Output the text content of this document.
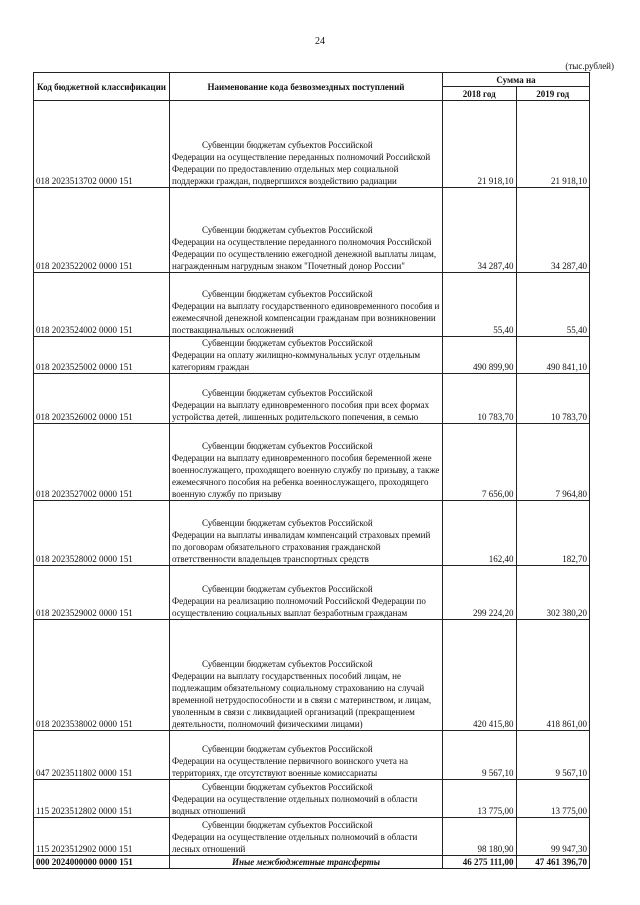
24
(тыс.рублей)
Код бюджетной классификации	Наименование кода безвозмездных поступлений	Сумма на	
		2018 год	2019 год
018 2023513702 0000 151	Субвенции бюджетам субъектов Российской
Федерации на осуществление переданных полномочий Российской Федерации по предоставлению отдельных мер социальной поддержки граждан, подвергшихся воздействию радиации	21 918,10	21 918,10
018 2023522002 0000 151	Субвенции бюджетам субъектов Российской
Федерации на осуществление переданного полномочия Российской Федерации по осуществлению ежегодной денежной выплаты лицам, награжденным нагрудным знаком "Почетный донор России"	34 287,40	34 287,40
018 2023524002 0000 151	Субвенции бюджетам субъектов Российской
Федерации на выплату государственного единовременного пособия и ежемесячной денежной компенсации гражданам при возникновении поствакцинальных осложнений	55,40	55,40
018 2023525002 0000 151	Субвенции бюджетам субъектов Российской
Федерации на оплату жилищно-коммунальных услуг отдельным категориям граждан	490 899,90	490 841,10
018 2023526002 0000 151	Субвенции бюджетам субъектов Российской
Федерации на выплату единовременного пособия при всех формах устройства детей, лишенных родительского попечения, в семью	10 783,70	10 783,70
018 2023527002 0000 151	Субвенции бюджетам субъектов Российской
Федерации на выплату единовременного пособия беременной жене военнослужащего, проходящего военную службу по призыву, а также ежемесячного пособия на ребенка военнослужащего, проходящего военную службу по призыву	7 656,00	7 964,80
018 2023528002 0000 151	Субвенции бюджетам субъектов Российской
Федерации на выплаты инвалидам компенсаций страховых премий по договорам обязательного страхования гражданской ответственности владельцев транспортных средств	162,40	182,70
018 2023529002 0000 151	Субвенции бюджетам субъектов Российской
Федерации на реализацию полномочий Российской Федерации по осуществлению социальных выплат безработным гражданам	299 224,20	302 380,20
018 2023538002 0000 151	Субвенции бюджетам субъектов Российской
Федерации на выплату государственных пособий лицам, не подлежащим обязательному социальному страхованию на случай временной нетрудоспособности и в связи с материнством, и лицам, уволенным в связи с ликвидацией организаций (прекращением деятельности, полномочий физическими лицами)	420 415,80	418 861,00
047 2023511802 0000 151	Субвенции бюджетам субъектов Российской
Федерации на осуществление первичного воинского учета на территориях, где отсутствуют военные комиссариаты	9 567,10	9 567,10
115 2023512802 0000 151	Субвенции бюджетам субъектов Российской
Федерации на осуществление отдельных полномочий в области водных отношений	13 775,00	13 775,00
115 2023512902 0000 151	Субвенции бюджетам субъектов Российской
Федерации на осуществление отдельных полномочий в области лесных отношений	98 180,90	99 947,30
000 2024000000 0000 151	Иные межбюджетные трансферты	46 275 111,00	47 461 396,70
